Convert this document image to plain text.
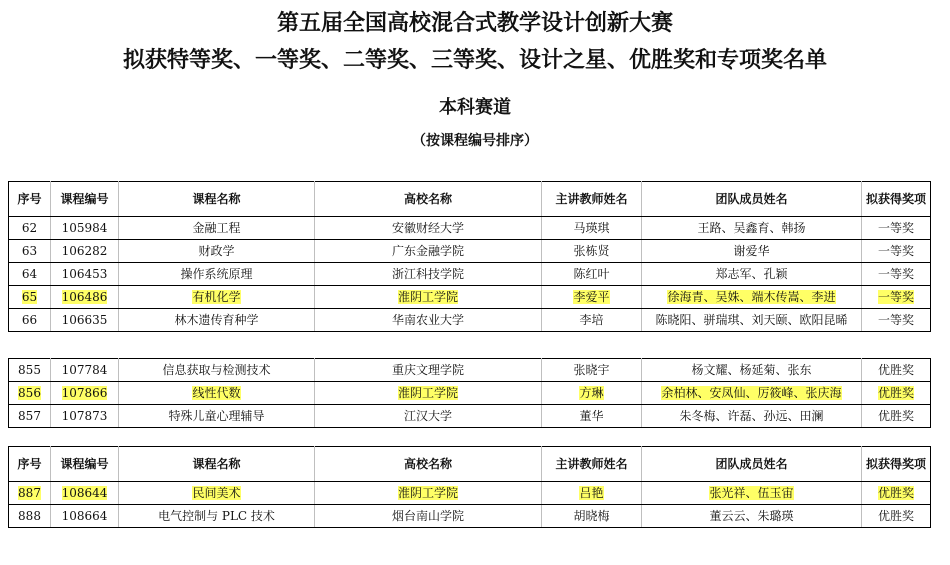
第五届全国高校混合式教学设计创新大赛
拟获特等奖、一等奖、二等奖、三等奖、设计之星、优胜奖和专项奖名单
本科赛道
（按课程编号排序）
序号	课程编号	课程名称	高校名称	主讲教师姓名	团队成员姓名	拟获得奖项
62	105984	金融工程	安徽财经大学	马瑛琪	王路、吴鑫育、韩扬	一等奖
63	106282	财政学	广东金融学院	张栋贤	谢爱华	一等奖
64	106453	操作系统原理	浙江科技学院	陈红叶	郑志军、孔颖	一等奖
65	106486	有机化学	淮阴工学院	李爱平	徐海青、吴姝、端木传嵩、李进	一等奖
66	106635	林木遗传育种学	华南农业大学	李培	陈晓阳、骈瑞琪、刘天颐、欧阳昆晞	一等奖
855	107784	信息获取与检测技术	重庆文理学院	张晓宇	杨文耀、杨延菊、张东	优胜奖
856	107866	线性代数	淮阴工学院	方琳	余柏林、安凤仙、厉筱峰、张庆海	优胜奖
857	107873	特殊儿童心理辅导	江汉大学	董华	朱冬梅、许磊、孙远、田澜	优胜奖
序号	课程编号	课程名称	高校名称	主讲教师姓名	团队成员姓名	拟获得奖项
887	108644	民间美术	淮阴工学院	吕艳	张光祥、伍玉宙	优胜奖
888	108664	电气控制与 PLC 技术	烟台南山学院	胡晓梅	董云云、朱璐瑛	优胜奖
